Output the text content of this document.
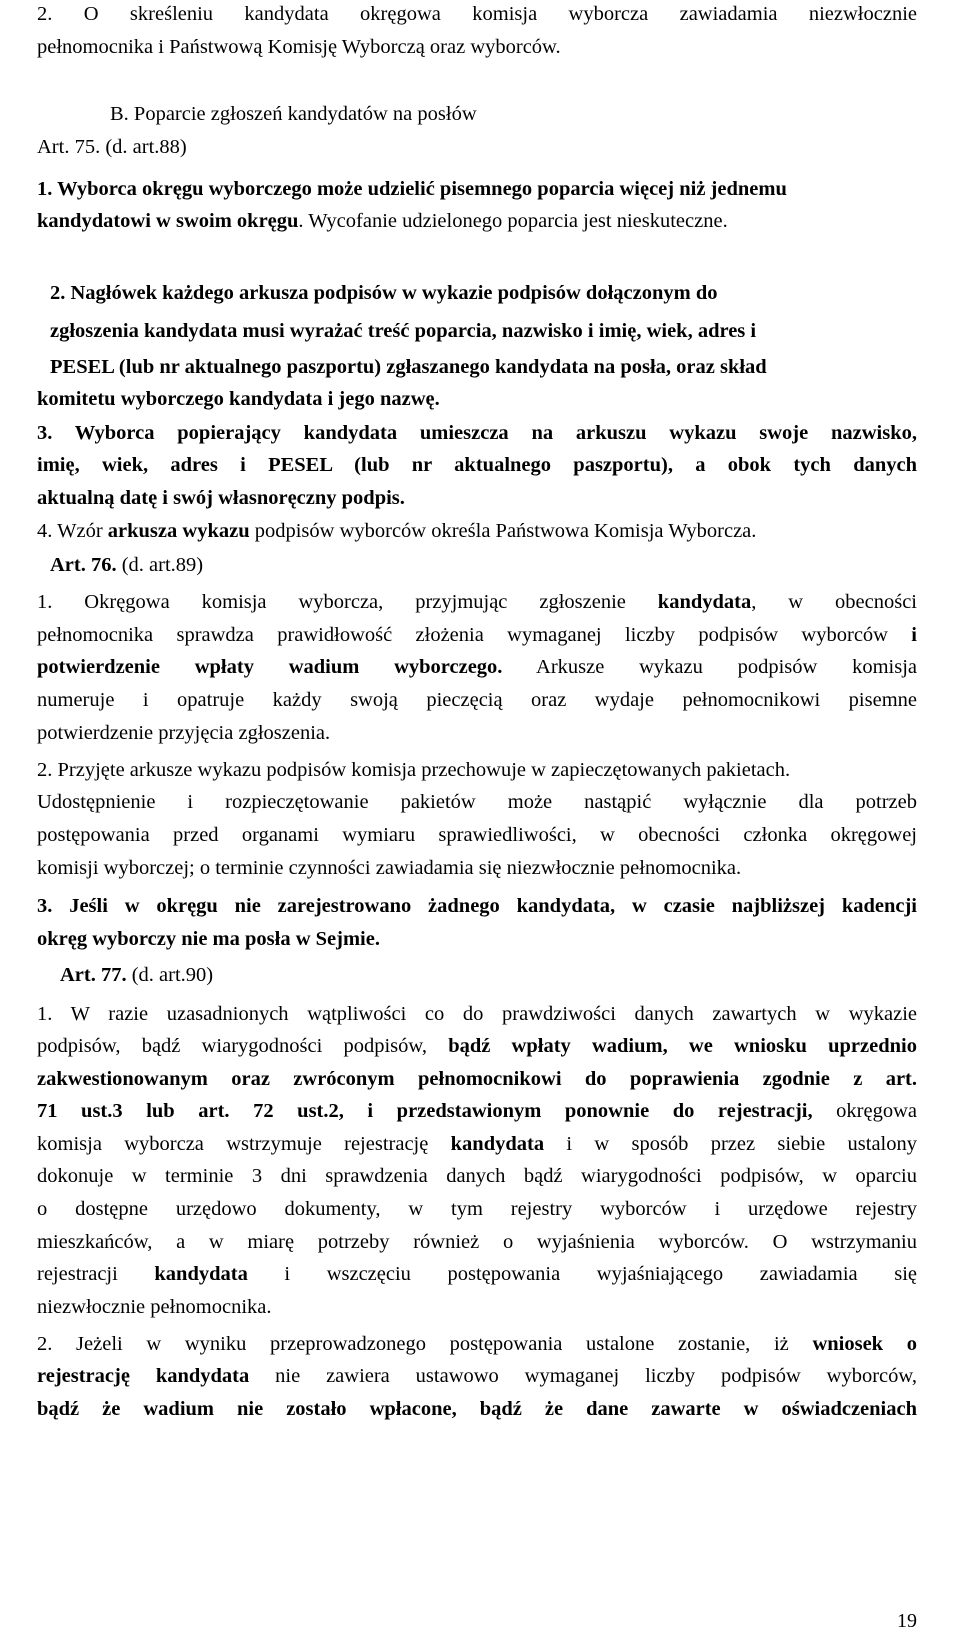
2. O skreśleniu kandydata okręgowa komisja wyborcza zawiadamia niezwłocznie
pełnomocnika i Państwową Komisję Wyborczą oraz wyborców.
B. Poparcie zgłoszeń kandydatów na posłów
Art. 75. (d. art.88)
1. Wyborca okręgu wyborczego może udzielić pisemnego poparcia więcej niż jednemu
kandydatowi w swoim okręgu. Wycofanie udzielonego poparcia jest nieskuteczne.
2. Nagłówek każdego arkusza podpisów w wykazie podpisów dołączonym do
zgłoszenia kandydata musi wyrażać treść poparcia, nazwisko i imię, wiek, adres i
PESEL (lub nr aktualnego paszportu) zgłaszanego kandydata na posła, oraz skład
komitetu wyborczego kandydata i jego nazwę.
3. Wyborca popierający kandydata umieszcza na arkuszu wykazu swoje nazwisko,
imię, wiek, adres i PESEL (lub nr aktualnego paszportu), a obok tych danych
aktualną datę i swój własnoręczny podpis.
4. Wzór arkusza wykazu podpisów wyborców określa Państwowa Komisja Wyborcza.
Art. 76. (d. art.89)
1. Okręgowa komisja wyborcza, przyjmując zgłoszenie kandydata, w obecności
pełnomocnika sprawdza prawidłowość złożenia wymaganej liczby podpisów wyborców i
potwierdzenie wpłaty wadium wyborczego. Arkusze wykazu podpisów komisja
numeruje i opatruje każdy swoją pieczęcią oraz wydaje pełnomocnikowi pisemne
potwierdzenie przyjęcia zgłoszenia.
2. Przyjęte arkusze wykazu podpisów komisja przechowuje w zapieczętowanych pakietach.
Udostępnienie i rozpieczętowanie pakietów może nastąpić wyłącznie dla potrzeb
postępowania przed organami wymiaru sprawiedliwości, w obecności członka okręgowej
komisji wyborczej; o terminie czynności zawiadamia się niezwłocznie pełnomocnika.
3. Jeśli w okręgu nie zarejestrowano żadnego kandydata, w czasie najbliższej kadencji
okręg wyborczy nie ma posła w Sejmie.
Art. 77. (d. art.90)
1. W razie uzasadnionych wątpliwości co do prawdziwości danych zawartych w wykazie
podpisów, bądź wiarygodności podpisów, bądź wpłaty wadium, we wniosku uprzednio
zakwestionowanym oraz zwróconym pełnomocnikowi do poprawienia zgodnie z art.
71 ust.3 lub art. 72 ust.2, i przedstawionym ponownie do rejestracji, okręgowa
komisja wyborcza wstrzymuje rejestrację kandydata i w sposób przez siebie ustalony
dokonuje w terminie 3 dni sprawdzenia danych bądź wiarygodności podpisów, w oparciu
o dostępne urzędowo dokumenty, w tym rejestry wyborców i urzędowe rejestry
mieszkańców, a w miarę potrzeby również o wyjaśnienia wyborców. O wstrzymaniu
rejestracji kandydata i wszczęciu postępowania wyjaśniającego zawiadamia się
niezwłocznie pełnomocnika.
2. Jeżeli w wyniku przeprowadzonego postępowania ustalone zostanie, iż wniosek o
rejestrację kandydata nie zawiera ustawowo wymaganej liczby podpisów wyborców,
bądź że wadium nie zostało wpłacone, bądź że dane zawarte w oświadczeniach
19
